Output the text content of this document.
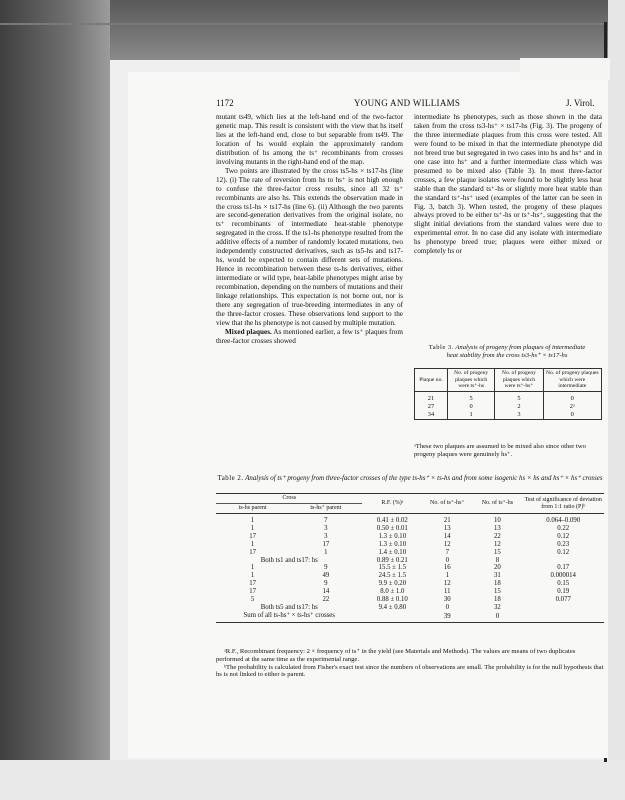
1172	YOUNG AND WILLIAMS	J. Virol.

mutant ts49, which lies at the left-hand end of the two-factor genetic map. This result is consistent with the view that hs itself lies at the left-hand end, close to but separable from ts49. The location of hs would explain the approximately random distribution of hs among the ts⁺ recombinants from crosses involving mutants in the right-hand end of the map.

Two points are illustrated by the cross ts5-hs × ts17-hs (line 12). (i) The rate of reversion from hs to hs⁺ is not high enough to confuse the three-factor cross results, since all 32 ts⁺ recombinants are also hs. This extends the observation made in the cross ts1-hs × ts17-hs (line 6). (ii) Although the two parents are second-generation derivatives from the original isolate, no ts⁺ recombinants of intermediate heat-stable phenotype segregated in the cross. If the ts1-hs phenotype resulted from the additive effects of a number of randomly located mutations, two independently constructed derivatives, such as ts5-hs and ts17-hs, would be expected to contain different sets of mutations. Hence in recombination between these ts-hs derivatives, either intermediate or wild type, heat-labile phenotypes might arise by recombination, depending on the numbers of mutations and their linkage relationships. This expectation is not borne out, nor is there any segregation of true-breeding intermediates in any of the three-factor crosses. These observations lend support to the view that the hs phenotype is not caused by multiple mutation.

Mixed plaques. As mentioned earlier, a few ts⁺ plaques from three-factor crosses showed

intermediate hs phenotypes, such as those shown in the data taken from the cross ts3-hs⁺ × ts17-hs (Fig. 3). The progeny of the three intermediate plaques from this cross were tested. All were found to be mixed in that the intermediate phenotype did not breed true but segregated in two cases into hs and hs⁺ and in one case into hs⁺ and a further intermediate class which was presumed to be mixed also (Table 3). In most three-factor crosses, a few plaque isolates were found to be slightly less heat stable than the standard ts⁺-hs or slightly more heat stable than the standard ts⁺-hs⁺ used (examples of the latter can be seen in Fig. 3, batch 3). When tested, the progeny of these plaques always proved to be either ts⁺-hs or ts⁺-hs⁺, suggesting that the slight initial deviations from the standard values were due to experimental error. In no case did any isolate with intermediate hs phenotype breed true; plaques were either mixed or completely hs or

Table 3. Analysis of progeny from plaques of intermediate heat stability from the cross ts3-hs⁺ × ts17-hs
Plaque no.	No. of progeny plaques which were ts⁺-hs	No. of progeny plaques which were ts⁺-hs⁺	No. of progeny plaques which were intermediate
21	5	5	0
27	0	2	2ᵃ
34	1	3	0
ᵃThese two plaques are assumed to be mixed also since other two progeny plaques were genuinely hs⁺.
Table 2. Analysis of ts⁺ progeny from three-factor crosses of the type ts-hs⁺ × ts-hs and from some isogenic hs × hs and hs⁺ × hs⁺ crosses
Cross		R.F. (%)ᵃ	No. of ts⁺-hs⁺	No. of ts⁺-hs	Test of significance of deviation from 1:1 ratio (P)ᵇ
ts-hs parent	ts-hs⁺ parent				
1	7	0.41 ± 0.02	21	10	0.064–0.090
1	3	0.50 ± 0.01	13	13	0.22
17	3	1.3 ± 0.10	14	22	0.12
1	17	1.3 ± 0.10	12	12	0.23
17	1	1.4 ± 0.10	7	15	0.12
Both ts1 and ts17: hs		0.89 ± 0.21	0	8	
1	9	15.5 ± 1.5	16	20	0.17
1	49	24.5 ± 1.5	1	31	0.000014
17	9	9.9 ± 0.20	12	18	0.15
17	14	8.0 ± 1.0	11	15	0.19
5	22	0.88 ± 0.10	30	18	0.077
Both ts5 and ts17: hs		9.4 ± 0.80	0	32	
Sum of all ts-hs⁺ × ts-hs⁺ crosses			39	0	

ᵃR.F., Recombinant frequency: 2 × frequency of ts⁺ in the yield (see Materials and Methods). The values are means of two duplicates performed at the same time as the experimental range.

ᵇThe probability is calculated from Fisher's exact test since the numbers of observations are small. The probability is for the null hypothesis that hs is not linked to either ts parent.
